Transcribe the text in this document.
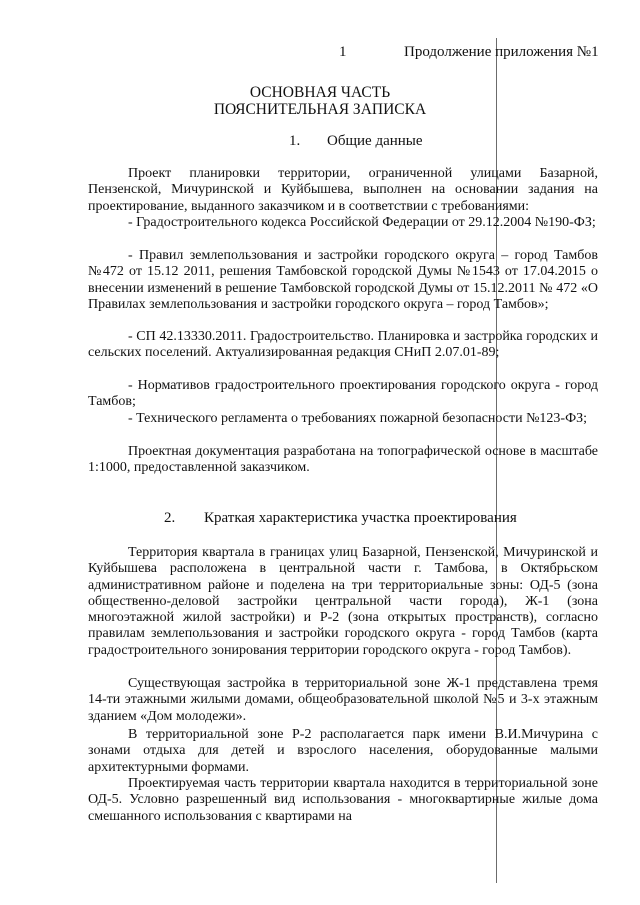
1	Продолжение приложения №1
ОСНОВНАЯ ЧАСТЬ
ПОЯСНИТЕЛЬНАЯ ЗАПИСКА
1. Общие данные
Проект планировки территории, ограниченной улицами Базарной, Пензенской, Мичуринской и Куйбышева, выполнен на основании задания на проектирование, выданного заказчиком и в соответствии с требованиями:
- Градостроительного кодекса Российской Федерации от 29.12.2004 №190-ФЗ;
- Правил землепользования и застройки городского округа – город Тамбов №472 от 15.12 2011, решения Тамбовской городской Думы №1543 от 17.04.2015 о внесении изменений в решение Тамбовской городской Думы от 15.12.2011 № 472 «О Правилах землепользования и застройки городского округа – город Тамбов»;
- СП 42.13330.2011. Градостроительство. Планировка и застройка городских и сельских поселений. Актуализированная редакция СНиП 2.07.01-89;
- Нормативов градостроительного проектирования городского округа - город Тамбов;
- Технического регламента о требованиях пожарной безопасности №123-ФЗ;
Проектная документация разработана на топографической основе в масштабе 1:1000, предоставленной заказчиком.
2. Краткая характеристика участка проектирования
Территория квартала в границах улиц Базарной, Пензенской, Мичуринской и Куйбышева расположена в центральной части г. Тамбова, в Октябрьском административном районе и поделена на три территориальные зоны: ОД-5 (зона общественно-деловой застройки центральной части города), Ж-1 (зона многоэтажной жилой застройки) и Р-2 (зона открытых пространств), согласно правилам землепользования и застройки городского округа - город Тамбов (карта градостроительного зонирования территории городского округа - город Тамбов).
Существующая застройка в территориальной зоне Ж-1 представлена тремя 14-ти этажными жилыми домами, общеобразовательной школой №5 и 3-х этажным зданием «Дом молодежи».
В территориальной зоне Р-2 располагается парк имени В.И.Мичурина с зонами отдыха для детей и взрослого населения, оборудованные малыми архитектурными формами.
Проектируемая часть территории квартала находится в территориальной зоне ОД-5. Условно разрешенный вид использования - многоквартирные жилые дома смешанного использования с квартирами на
